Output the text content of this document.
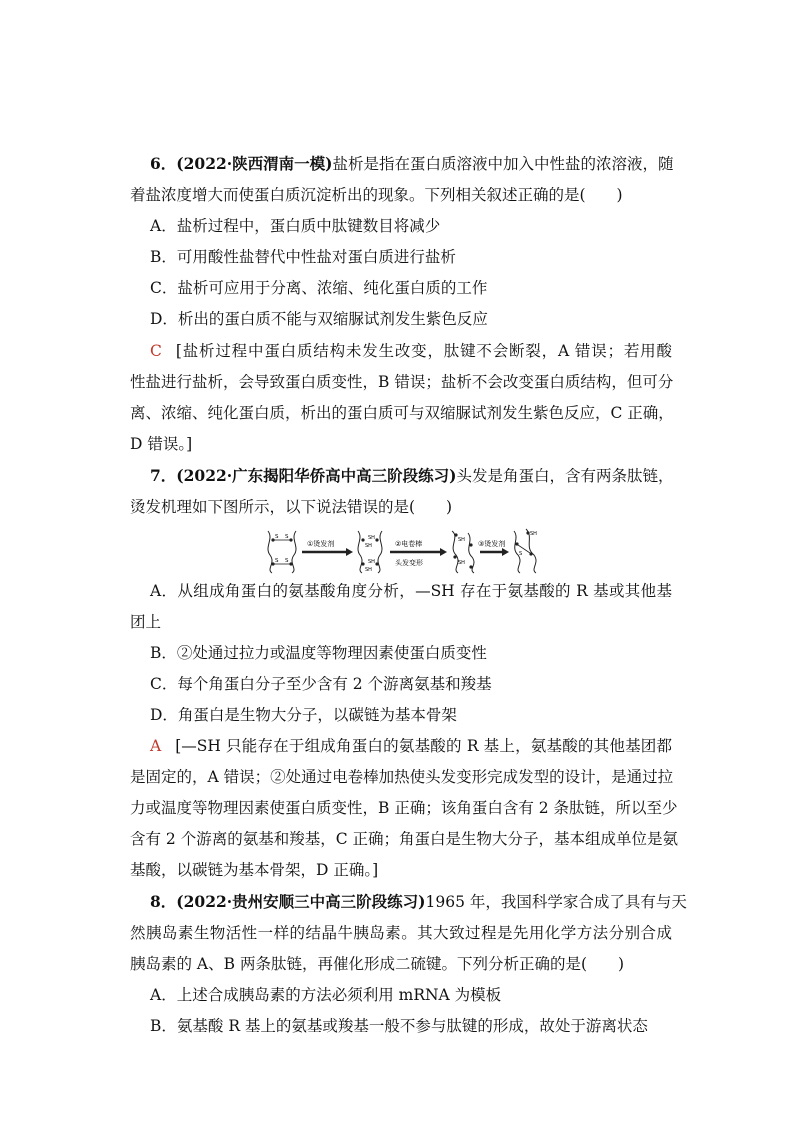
6．(2022·陕西渭南一模)盐析是指在蛋白质溶液中加入中性盐的浓溶液，随
着盐浓度增大而使蛋白质沉淀析出的现象。下列相关叙述正确的是(　　)
A．盐析过程中，蛋白质中肽键数目将减少
B．可用酸性盐替代中性盐对蛋白质进行盐析
C．盐析可应用于分离、浓缩、纯化蛋白质的工作
D．析出的蛋白质不能与双缩脲试剂发生紫色反应
C [盐析过程中蛋白质结构未发生改变，肽键不会断裂，A 错误；若用酸
性盐进行盐析，会导致蛋白质变性，B 错误；盐析不会改变蛋白质结构，但可分
离、浓缩、纯化蛋白质，析出的蛋白质可与双缩脲试剂发生紫色反应，C 正确，
D 错误。]
7．(2022·广东揭阳华侨高中高三阶段练习)头发是角蛋白，含有两条肽链，
烫发机理如下图所示，以下说法错误的是(　　)
S S
S S
①烫发剂	SH
SH
SH
SH
②电卷棒
头发变形
SH
SH
③烫发剂
SH
S
A．从组成角蛋白的氨基酸角度分析，—SH 存在于氨基酸的 R 基或其他基
团上
B．②处通过拉力或温度等物理因素使蛋白质变性
C．每个角蛋白分子至少含有 2 个游离氨基和羧基
D．角蛋白是生物大分子，以碳链为基本骨架
A [—SH 只能存在于组成角蛋白的氨基酸的 R 基上，氨基酸的其他基团都
是固定的，A 错误；②处通过电卷棒加热使头发变形完成发型的设计，是通过拉
力或温度等物理因素使蛋白质变性，B 正确；该角蛋白含有 2 条肽链，所以至少
含有 2 个游离的氨基和羧基，C 正确；角蛋白是生物大分子，基本组成单位是氨
基酸，以碳链为基本骨架，D 正确。]
8．(2022·贵州安顺三中高三阶段练习)1965 年，我国科学家合成了具有与天
然胰岛素生物活性一样的结晶牛胰岛素。其大致过程是先用化学方法分别合成
胰岛素的 A、B 两条肽链，再催化形成二硫键。下列分析正确的是(　　)
A．上述合成胰岛素的方法必须利用 mRNA 为模板
B．氨基酸 R 基上的氨基或羧基一般不参与肽键的形成，故处于游离状态
